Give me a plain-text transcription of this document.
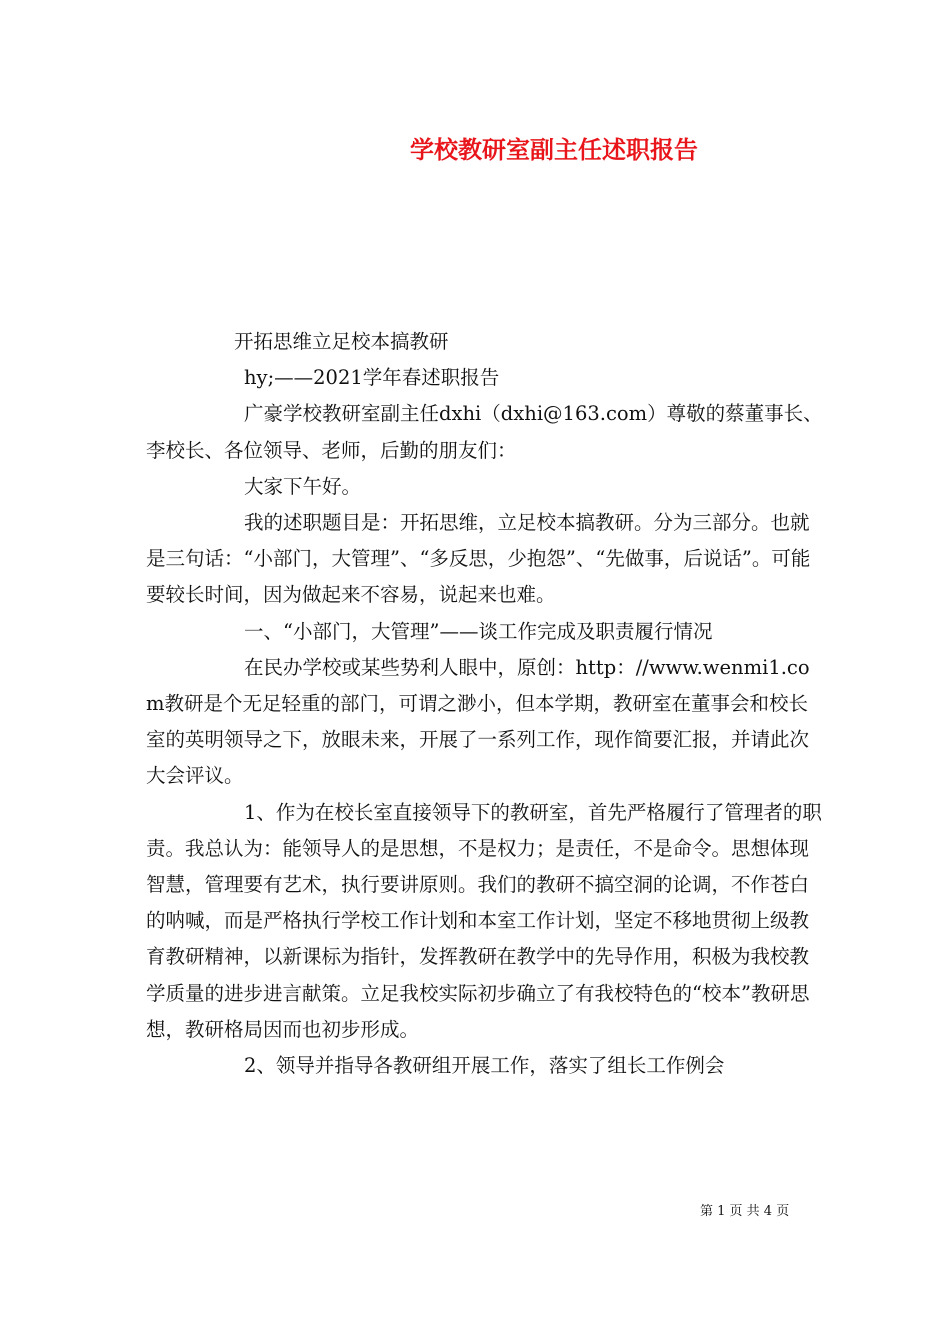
学校教研室副主任述职报告

开拓思维立足校本搞教研

hy;——2021学年春述职报告

广豪学校教研室副主任dxhi（dxhi@163.com）尊敬的蔡董事长、李校长、各位领导、老师，后勤的朋友们：

大家下午好。

我的述职题目是：开拓思维，立足校本搞教研。分为三部分。也就是三句话：“小部门，大管理”、“多反思，少抱怨”、“先做事，后说话”。可能要较长时间，因为做起来不容易，说起来也难。

一、“小部门，大管理”——谈工作完成及职责履行情况

在民办学校或某些势利人眼中，原创：http：//www.wenmi1.com教研是个无足轻重的部门，可谓之渺小，但本学期，教研室在董事会和校长室的英明领导之下，放眼未来，开展了一系列工作，现作简要汇报，并请此次大会评议。

1、作为在校长室直接领导下的教研室，首先严格履行了管理者的职责。我总认为：能领导人的是思想，不是权力；是责任，不是命令。思想体现智慧，管理要有艺术，执行要讲原则。我们的教研不搞空洞的论调，不作苍白的呐喊，而是严格执行学校工作计划和本室工作计划，坚定不移地贯彻上级教育教研精神，以新课标为指针，发挥教研在教学中的先导作用，积极为我校教学质量的进步进言献策。立足我校实际初步确立了有我校特色的“校本”教研思想，教研格局因而也初步形成。

2、领导并指导各教研组开展工作，落实了组长工作例会

第 1 页 共 4 页
